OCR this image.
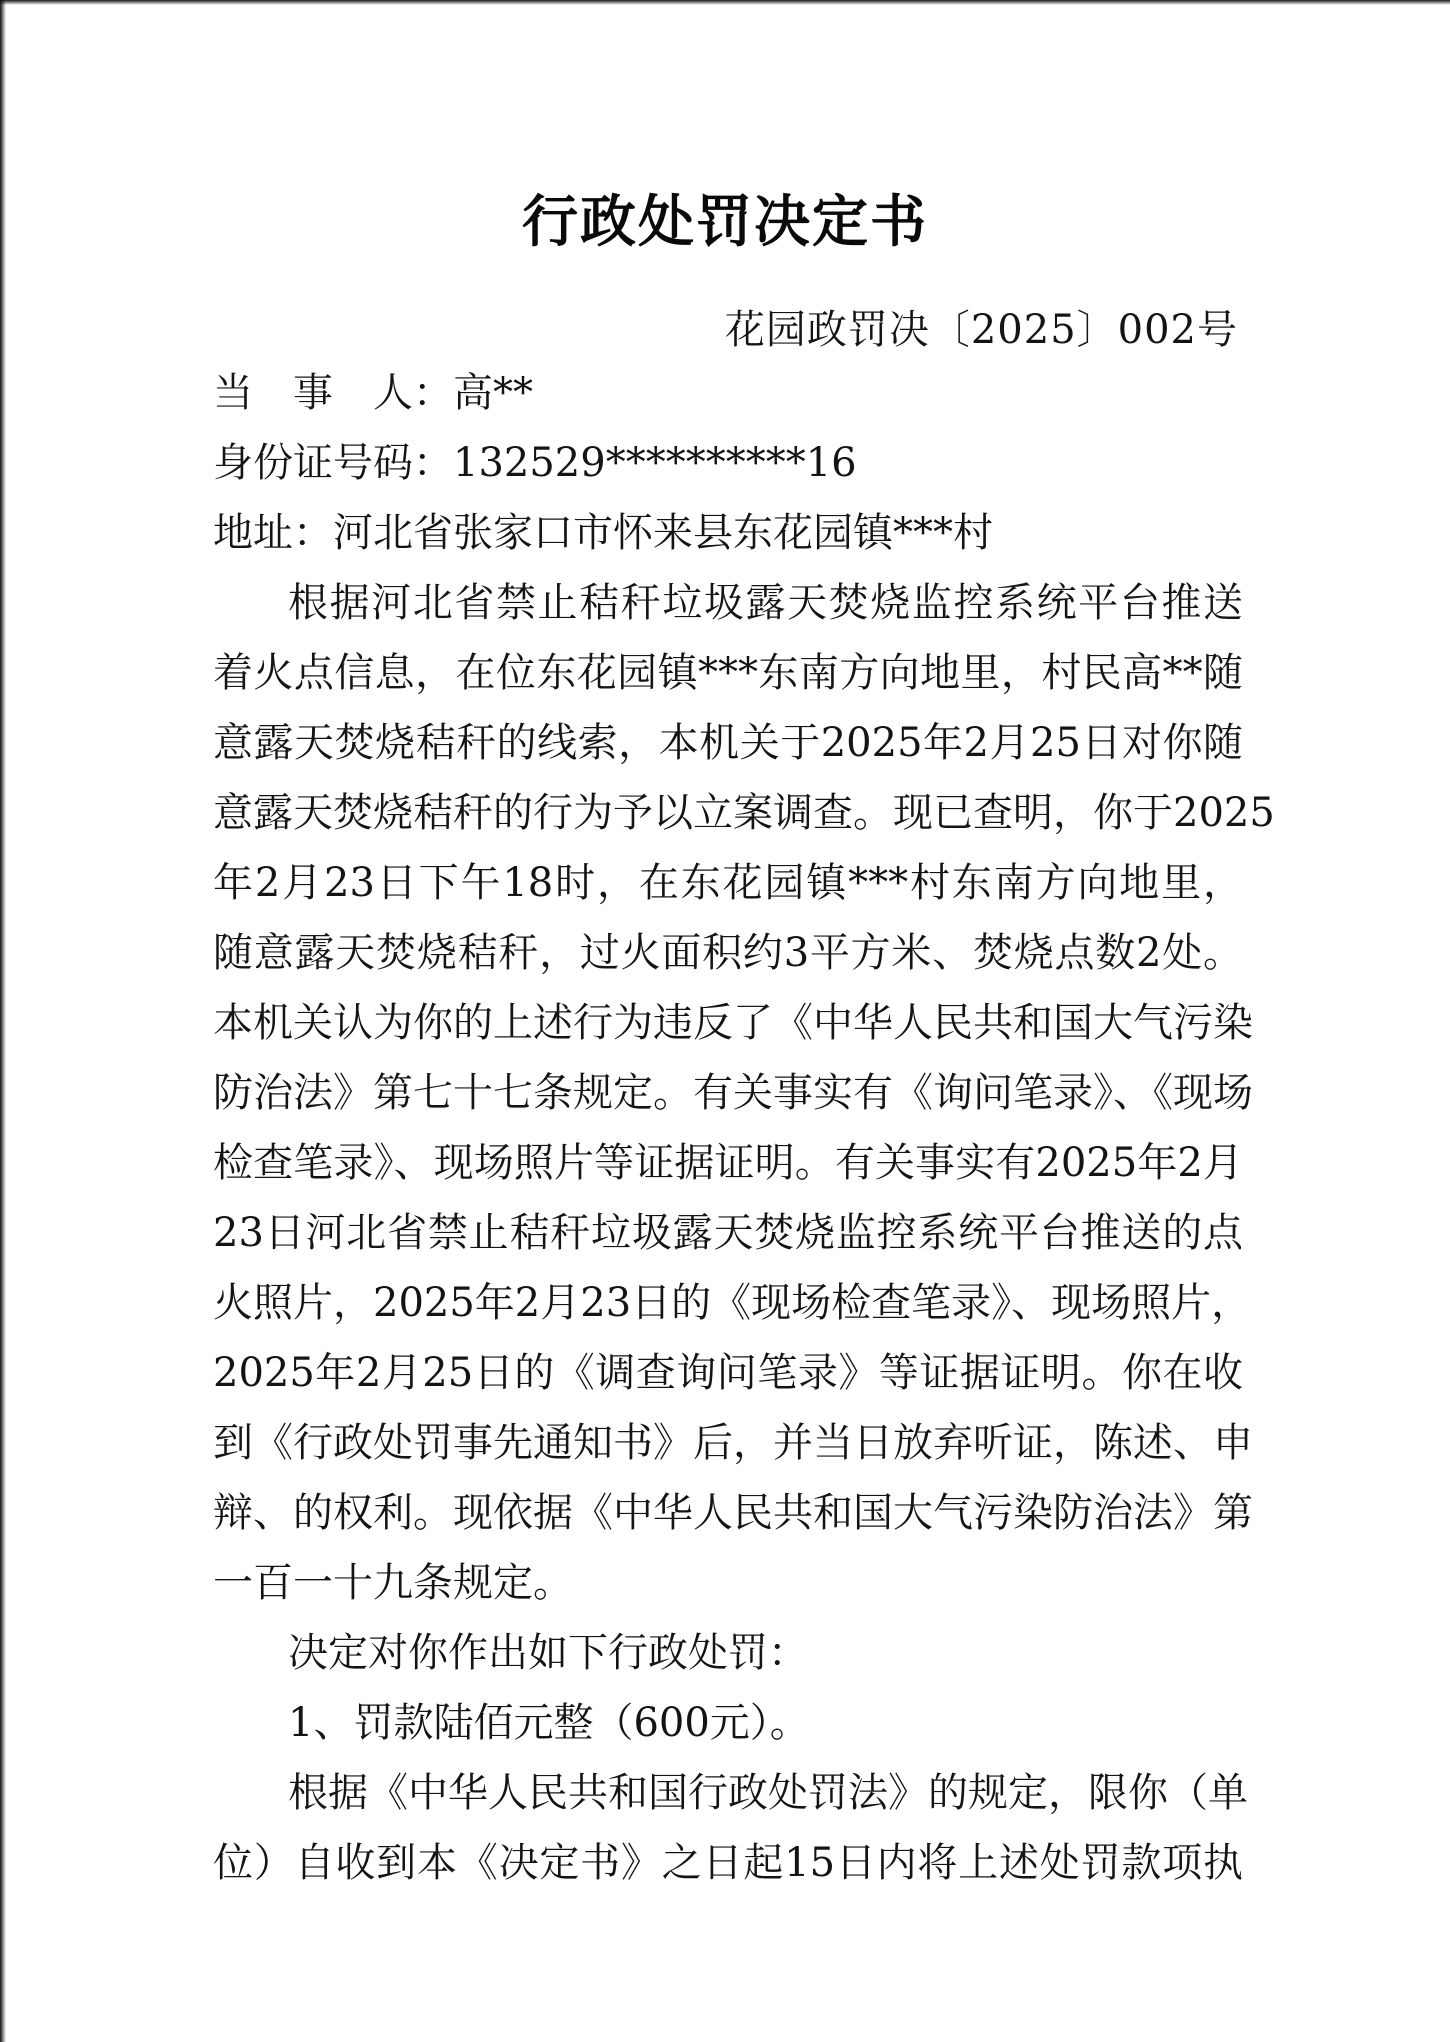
行政处罚决定书
花园政罚决〔2025〕002号
当　事　人：高**
身份证号码：132529**********16
地址：河北省张家口市怀来县东花园镇***村
根据河北省禁止秸秆垃圾露天焚烧监控系统平台推送
着火点信息，在位东花园镇***东南方向地里，村民高**随
意露天焚烧秸秆的线索，本机关于2025年2月25日对你随
意露天焚烧秸秆的行为予以立案调查。现已查明，你于2025
年2月23日下午18时，在东花园镇***村东南方向地里，
随意露天焚烧秸秆，过火面积约3平方米、焚烧点数2处。
本机关认为你的上述行为违反了《中华人民共和国大气污染
防治法》第七十七条规定。有关事实有《询问笔录》、《现场
检查笔录》、现场照片等证据证明。有关事实有2025年2月
23日河北省禁止秸秆垃圾露天焚烧监控系统平台推送的点
火照片，2025年2月23日的《现场检查笔录》、现场照片，
2025年2月25日的《调查询问笔录》等证据证明。你在收
到《行政处罚事先通知书》后，并当日放弃听证，陈述、申
辩、的权利。现依据《中华人民共和国大气污染防治法》第
一百一十九条规定。
决定对你作出如下行政处罚：
1、罚款陆佰元整（600元）。
根据《中华人民共和国行政处罚法》的规定，限你（单
位）自收到本《决定书》之日起15日内将上述处罚款项执
